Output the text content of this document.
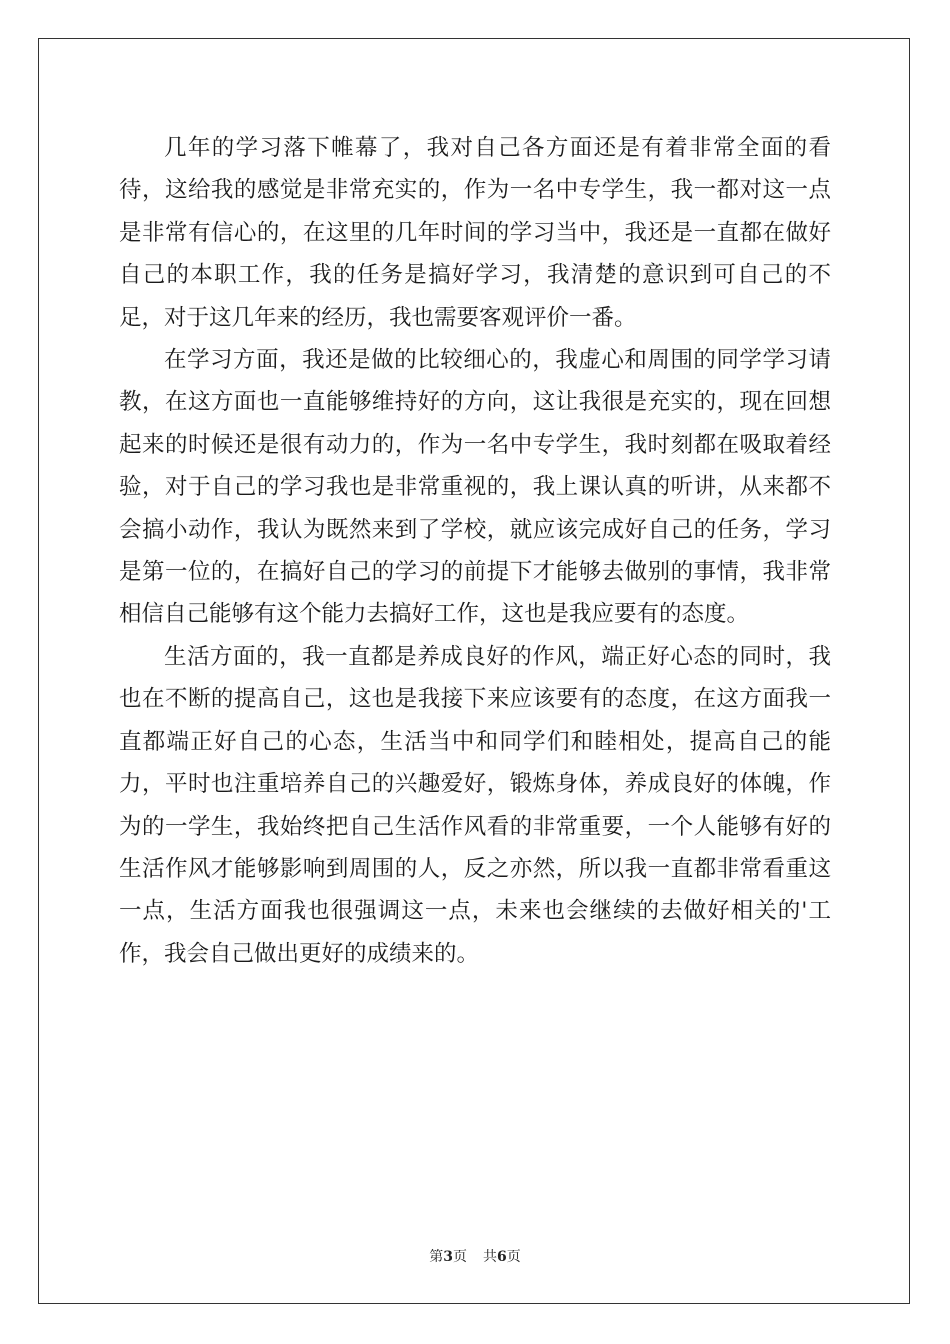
几年的学习落下帷幕了，我对自己各方面还是有着非常全面的看待，这给我的感觉是非常充实的，作为一名中专学生，我一都对这一点是非常有信心的，在这里的几年时间的学习当中，我还是一直都在做好自己的本职工作，我的任务是搞好学习，我清楚的意识到可自己的不足，对于这几年来的经历，我也需要客观评价一番。

在学习方面，我还是做的比较细心的，我虚心和周围的同学学习请教，在这方面也一直能够维持好的方向，这让我很是充实的，现在回想起来的时候还是很有动力的，作为一名中专学生，我时刻都在吸取着经验，对于自己的学习我也是非常重视的，我上课认真的听讲，从来都不会搞小动作，我认为既然来到了学校，就应该完成好自己的任务，学习是第一位的，在搞好自己的学习的前提下才能够去做别的事情，我非常相信自己能够有这个能力去搞好工作，这也是我应要有的态度。

生活方面的，我一直都是养成良好的作风，端正好心态的同时，我也在不断的提高自己，这也是我接下来应该要有的态度，在这方面我一直都端正好自己的心态，生活当中和同学们和睦相处，提高自己的能力，平时也注重培养自己的兴趣爱好，锻炼身体，养成良好的体魄，作为的一学生，我始终把自己生活作风看的非常重要，一个人能够有好的生活作风才能够影响到周围的人，反之亦然，所以我一直都非常看重这一点，生活方面我也很强调这一点，未来也会继续的去做好相关的'工作，我会自己做出更好的成绩来的。

第3页 共6页
